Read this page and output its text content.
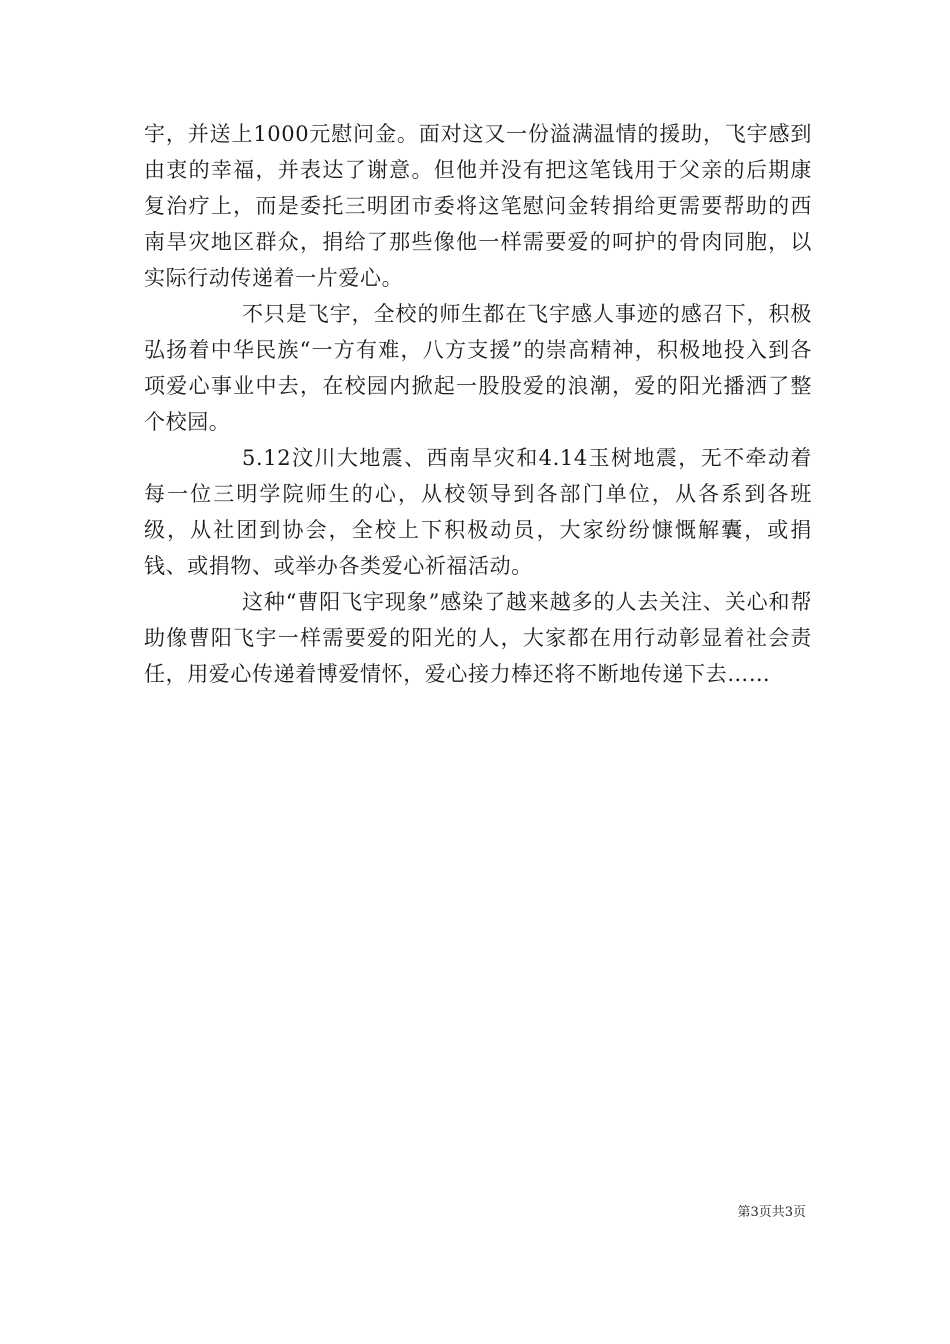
宇，并送上1000元慰问金。面对这又一份溢满温情的援助，飞宇感到由衷的幸福，并表达了谢意。但他并没有把这笔钱用于父亲的后期康复治疗上，而是委托三明团市委将这笔慰问金转捐给更需要帮助的西南旱灾地区群众，捐给了那些像他一样需要爱的呵护的骨肉同胞，以实际行动传递着一片爱心。

不只是飞宇，全校的师生都在飞宇感人事迹的感召下，积极弘扬着中华民族“一方有难，八方支援”的崇高精神，积极地投入到各项爱心事业中去，在校园内掀起一股股爱的浪潮，爱的阳光播洒了整个校园。

5.12汶川大地震、西南旱灾和4.14玉树地震，无不牵动着每一位三明学院师生的心，从校领导到各部门单位，从各系到各班级，从社团到协会，全校上下积极动员，大家纷纷慷慨解囊，或捐钱、或捐物、或举办各类爱心祈福活动。

这种“曹阳飞宇现象”感染了越来越多的人去关注、关心和帮助像曹阳飞宇一样需要爱的阳光的人，大家都在用行动彰显着社会责任，用爱心传递着博爱情怀，爱心接力棒还将不断地传递下去……

第3页共3页
